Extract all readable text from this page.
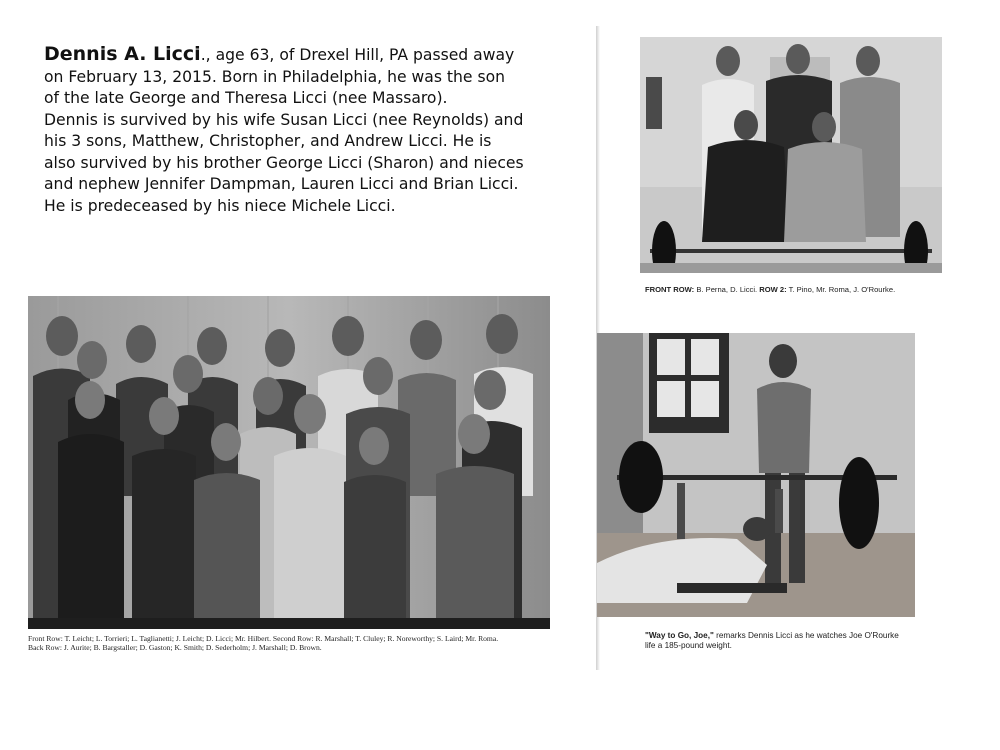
Dennis A. Licci., age 63, of Drexel Hill, PA passed away

on February 13, 2015. Born in Philadelphia, he was the son

of the late George and Theresa Licci (nee Massaro).

Dennis is survived by his wife Susan Licci (nee Reynolds) and

his 3 sons, Matthew, Christopher, and Andrew Licci. He is

also survived by his brother George Licci (Sharon) and nieces

and nephew Jennifer Dampman, Lauren Licci and Brian Licci.

He is predeceased by his niece Michele Licci.

Front Row: T. Leicht; L. Torrieri; L. Taglianetti; J. Leicht; D. Licci; Mr. Hilbert. Second Row: R. Marshall; T. Cluley; R. Noreworthy; S. Laird; Mr. Roma.
Back Row: J. Aurite; B. Bargstaller; D. Gaston; K. Smith; D. Sederholm; J. Marshall; D. Brown.
FRONT ROW: B. Perna, D. Licci. ROW 2: T. Pino, Mr. Roma, J. O'Rourke.
"Way to Go, Joe," remarks Dennis Licci as he watches Joe O'Rourke
life a 185-pound weight.
